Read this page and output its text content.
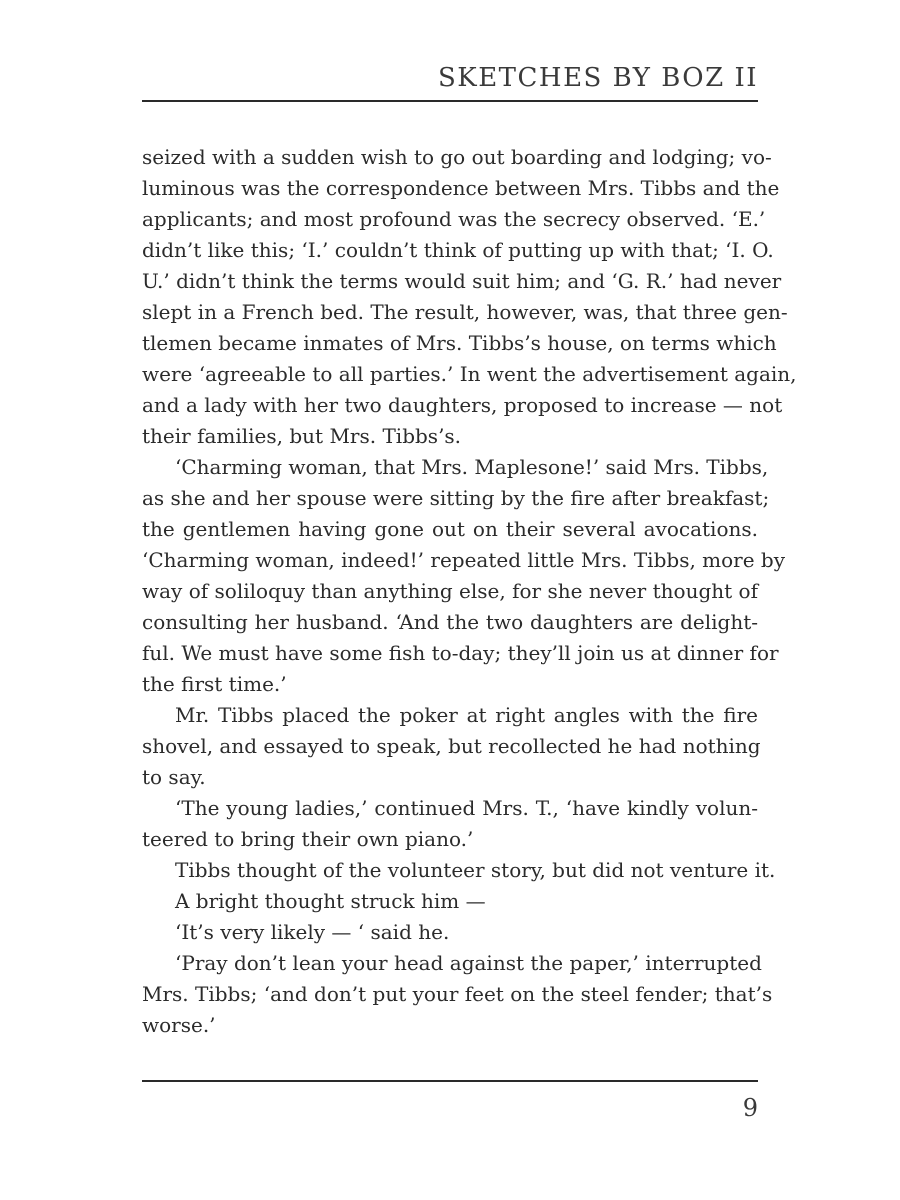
SKETCHES BY BOZ II

seized with a sudden wish to go out boarding and lodging; vo-
luminous was the correspondence between Mrs. Tibbs and the
applicants; and most profound was the secrecy observed. ‘E.’
didn’t like this; ‘I.’ couldn’t think of putting up with that; ‘I. O.
U.’ didn’t think the terms would suit him; and ‘G. R.’ had never
slept in a French bed. The result, however, was, that three gen-
tlemen became inmates of Mrs. Tibbs’s house, on terms which
were ‘agreeable to all parties.’ In went the advertisement again,
and a lady with her two daughters, proposed to increase — not
their families, but Mrs. Tibbs’s.

‘Charming woman, that Mrs. Maplesone!’ said Mrs. Tibbs,
as she and her spouse were sitting by the fire after breakfast;
the gentlemen having gone out on their several avocations.
‘Charming woman, indeed!’ repeated little Mrs. Tibbs, more by
way of soliloquy than anything else, for she never thought of
consulting her husband. ‘And the two daughters are delight-
ful. We must have some fish to-day; they’ll join us at dinner for
the first time.’

Mr. Tibbs placed the poker at right angles with the fire
shovel, and essayed to speak, but recollected he had nothing
to say.

‘The young ladies,’ continued Mrs. T., ‘have kindly volun-
teered to bring their own piano.’

Tibbs thought of the volunteer story, but did not venture it.

A bright thought struck him —

‘It’s very likely — ‘ said he.

‘Pray don’t lean your head against the paper,’ interrupted
Mrs. Tibbs; ‘and don’t put your feet on the steel fender; that’s
worse.’

9
